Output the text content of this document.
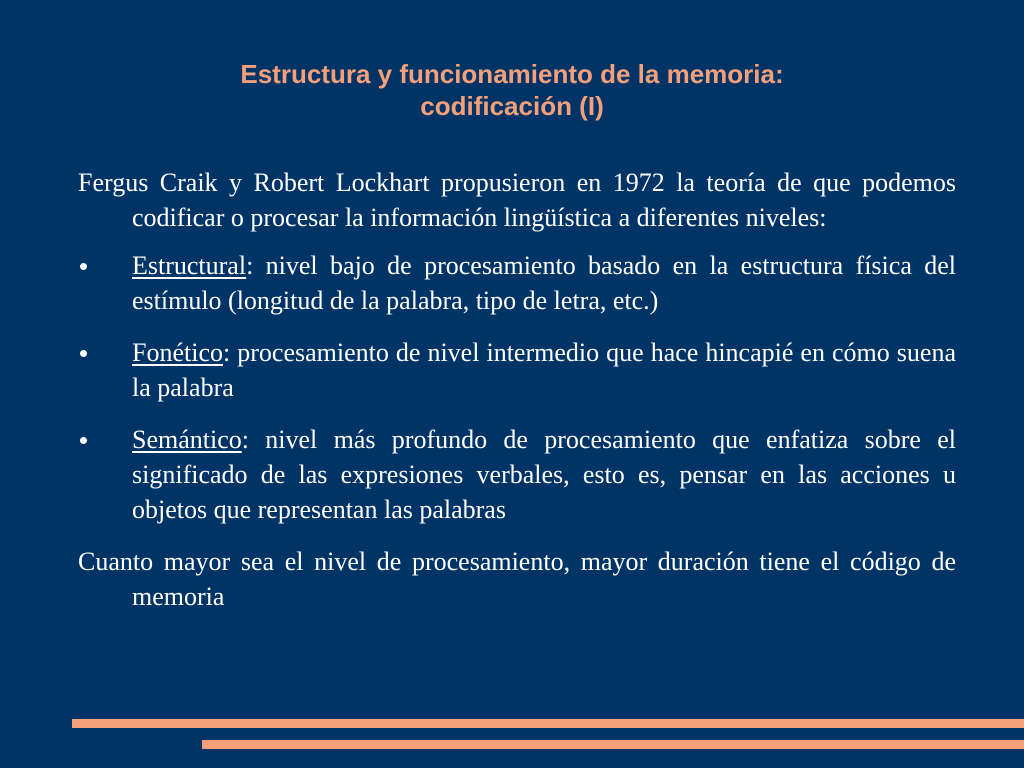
Estructura y funcionamiento de la memoria:
codificación (I)

Fergus Craik y Robert Lockhart propusieron en 1972 la teoría de que podemos codificar o procesar la información lingüística a diferentes niveles:

Estructural: nivel bajo de procesamiento basado en la estructura física del estímulo (longitud de la palabra, tipo de letra, etc.)
Fonético: procesamiento de nivel intermedio que hace hincapié en cómo suena la palabra
Semántico: nivel más profundo de procesamiento que enfatiza sobre el significado de las expresiones verbales, esto es, pensar en las acciones u objetos que representan las palabras

Cuanto mayor sea el nivel de procesamiento, mayor duración tiene el código de memoria
